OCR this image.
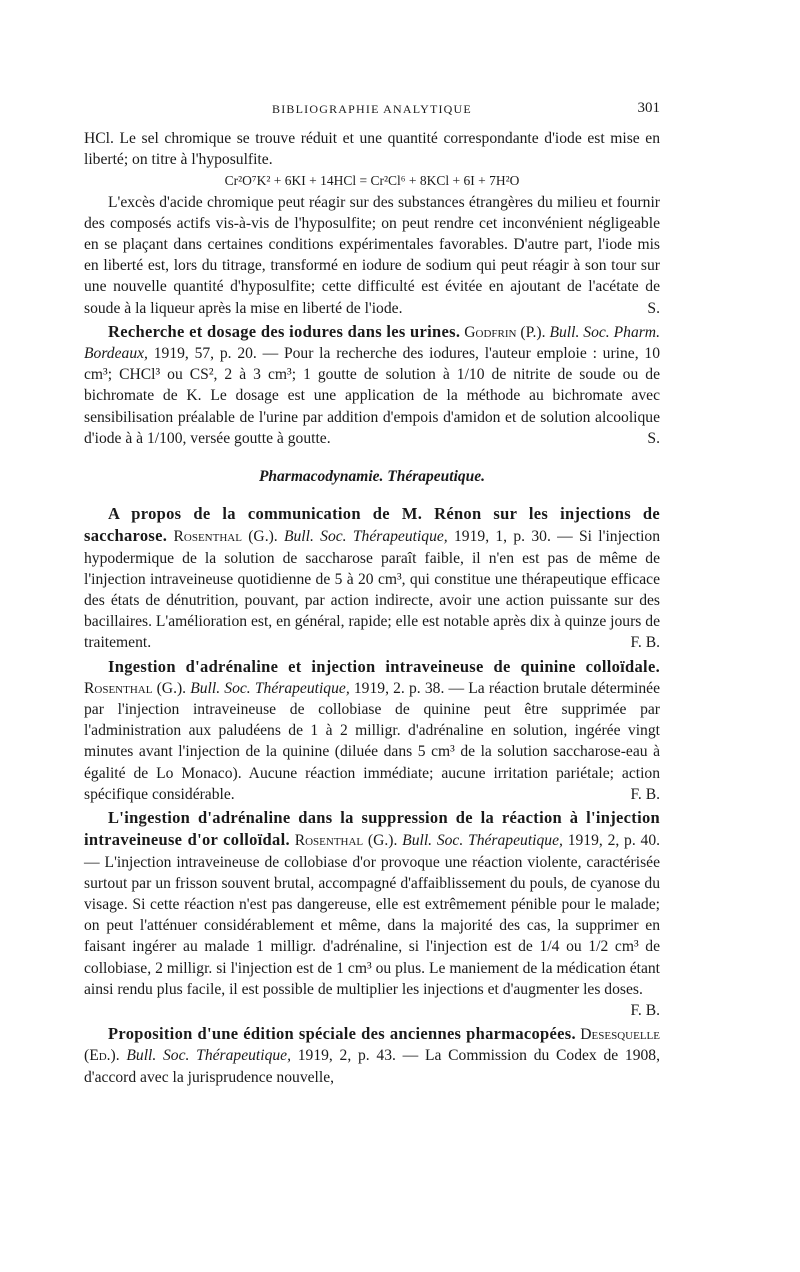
BIBLIOGRAPHIE ANALYTIQUE	301

HCl. Le sel chromique se trouve réduit et une quantité correspondante d'iode est mise en liberté; on titre à l'hyposulfite.

Cr²O⁷K² + 6KI + 14HCl = Cr²Cl⁶ + 8KCl + 6I + 7H²O

L'excès d'acide chromique peut réagir sur des substances étrangères du milieu et fournir des composés actifs vis-à-vis de l'hyposulfite; on peut rendre cet inconvénient négligeable en se plaçant dans certaines conditions expérimentales favorables. D'autre part, l'iode mis en liberté est, lors du titrage, transformé en iodure de sodium qui peut réagir à son tour sur une nouvelle quantité d'hyposulfite; cette difficulté est évitée en ajoutant de l'acétate de soude à la liqueur après la mise en liberté de l'iode.	S.

Recherche et dosage des iodures dans les urines. Godfrin (P.). Bull. Soc. Pharm. Bordeaux, 1919, 57, p. 20. — Pour la recherche des iodures, l'auteur emploie : urine, 10 cm³; CHCl³ ou CS², 2 à 3 cm³; 1 goutte de solution à 1/10 de nitrite de soude ou de bichromate de K. Le dosage est une application de la méthode au bichromate avec sensibilisation préalable de l'urine par addition d'empois d'amidon et de solution alcoolique d'iode à à 1/100, versée goutte à goutte.	S.

Pharmacodynamie. Thérapeutique.

A propos de la communication de M. Rénon sur les injections de saccharose. Rosenthal (G.). Bull. Soc. Thérapeutique, 1919, 1, p. 30. — Si l'injection hypodermique de la solution de saccharose paraît faible, il n'en est pas de même de l'injection intraveineuse quotidienne de 5 à 20 cm³, qui constitue une thérapeutique efficace des états de dénutrition, pouvant, par action indirecte, avoir une action puissante sur des bacillaires. L'amélioration est, en général, rapide; elle est notable après dix à quinze jours de traitement.	F. B.

Ingestion d'adrénaline et injection intraveineuse de quinine colloïdale. Rosenthal (G.). Bull. Soc. Thérapeutique, 1919, 2. p. 38. — La réaction brutale déterminée par l'injection intraveineuse de collobiase de quinine peut être supprimée par l'administration aux paludéens de 1 à 2 milligr. d'adrénaline en solution, ingérée vingt minutes avant l'injection de la quinine (diluée dans 5 cm³ de la solution saccharose-eau à égalité de Lo Monaco). Aucune réaction immédiate; aucune irritation pariétale; action spécifique considérable.	F. B.

L'ingestion d'adrénaline dans la suppression de la réaction à l'injection intraveineuse d'or colloïdal. Rosenthal (G.). Bull. Soc. Thérapeutique, 1919, 2, p. 40. — L'injection intraveineuse de collobiase d'or provoque une réaction violente, caractérisée surtout par un frisson souvent brutal, accompagné d'affaiblissement du pouls, de cyanose du visage. Si cette réaction n'est pas dangereuse, elle est extrêmement pénible pour le malade; on peut l'atténuer considérablement et même, dans la majorité des cas, la supprimer en faisant ingérer au malade 1 milligr. d'adrénaline, si l'injection est de 1/4 ou 1/2 cm³ de collobiase, 2 milligr. si l'injection est de 1 cm³ ou plus. Le maniement de la médication étant ainsi rendu plus facile, il est possible de multiplier les injections et d'augmenter les doses.

F. B.

Proposition d'une édition spéciale des anciennes pharmacopées. Desesquelle (Ed.). Bull. Soc. Thérapeutique, 1919, 2, p. 43. — La Commission du Codex de 1908, d'accord avec la jurisprudence nouvelle,
